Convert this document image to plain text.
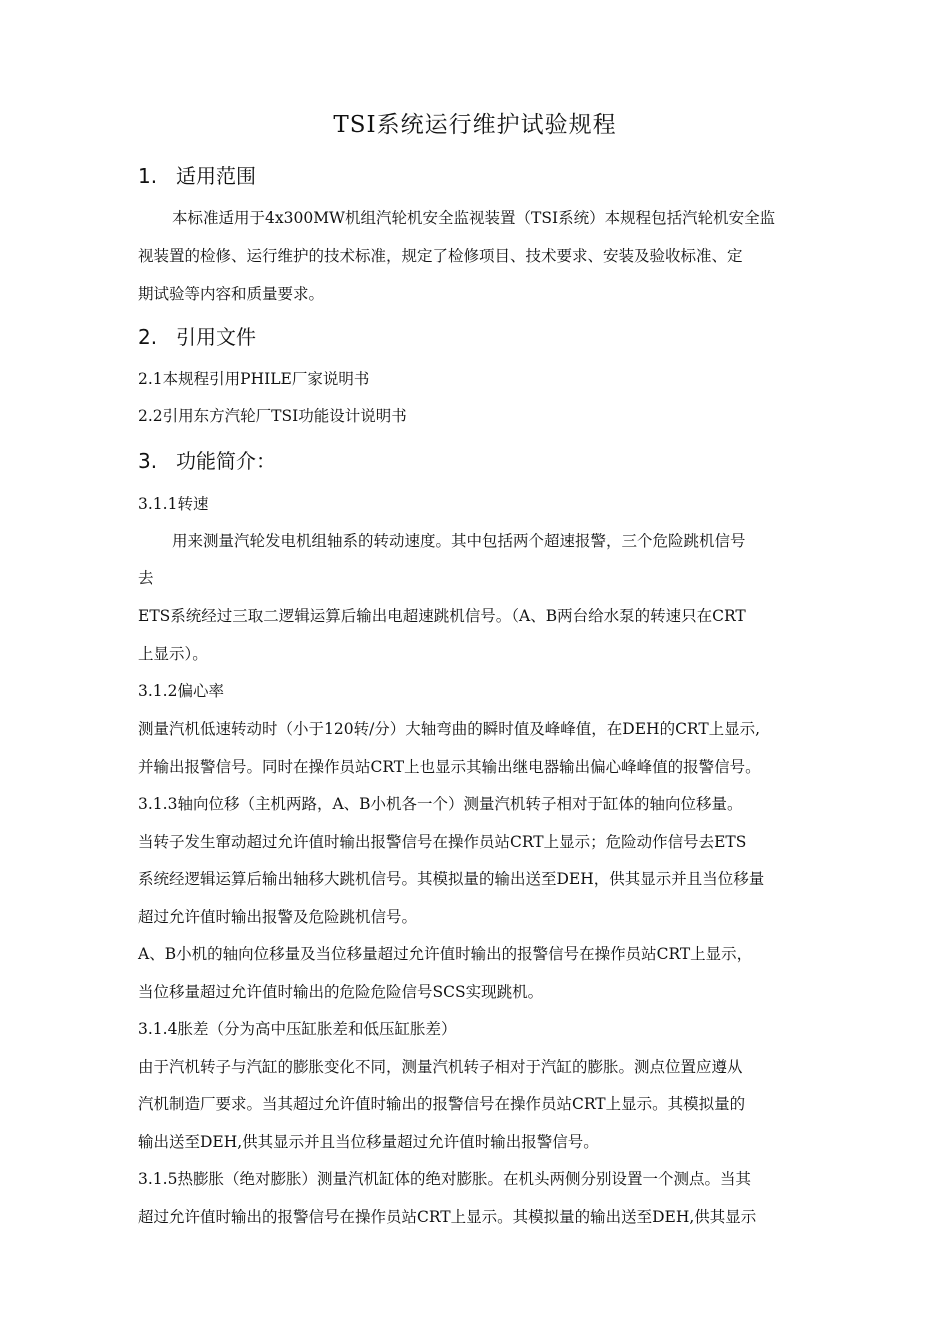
TSI系统运行维护试验规程
1. 适用范围

本标准适用于4x300MW机组汽轮机安全监视装置（TSI系统）本规程包括汽轮机安全监

视装置的检修、运行维护的技术标准，规定了检修项目、技术要求、安装及验收标准、定

期试验等内容和质量要求。

2. 引用文件

2.1本规程引用PHILE厂家说明书

2.2引用东方汽轮厂TSI功能设计说明书

3. 功能简介：

3.1.1转速

用来测量汽轮发电机组轴系的转动速度。其中包括两个超速报警，三个危险跳机信号

去

ETS系统经过三取二逻辑运算后输出电超速跳机信号。（A、B两台给水泵的转速只在CRT

上显示）。

3.1.2偏心率

测量汽机低速转动时（小于120转/分）大轴弯曲的瞬时值及峰峰值，在DEH的CRT上显示,

并输出报警信号。同时在操作员站CRT上也显示其输出继电器输出偏心峰峰值的报警信号。

3.1.3轴向位移（主机两路，A、B小机各一个）测量汽机转子相对于缸体的轴向位移量。

当转子发生窜动超过允许值时输出报警信号在操作员站CRT上显示；危险动作信号去ETS

系统经逻辑运算后输出轴移大跳机信号。其模拟量的输出送至DEH，供其显示并且当位移量

超过允许值时输出报警及危险跳机信号。

A、B小机的轴向位移量及当位移量超过允许值时输出的报警信号在操作员站CRT上显示，

当位移量超过允许值时输出的危险危险信号SCS实现跳机。

3.1.4胀差（分为高中压缸胀差和低压缸胀差）

由于汽机转子与汽缸的膨胀变化不同，测量汽机转子相对于汽缸的膨胀。测点位置应遵从

汽机制造厂要求。当其超过允许值时输出的报警信号在操作员站CRT上显示。其模拟量的

输出送至DEH,供其显示并且当位移量超过允许值时输出报警信号。

3.1.5热膨胀（绝对膨胀）测量汽机缸体的绝对膨胀。在机头两侧分别设置一个测点。当其

超过允许值时输出的报警信号在操作员站CRT上显示。其模拟量的输出送至DEH,供其显示
